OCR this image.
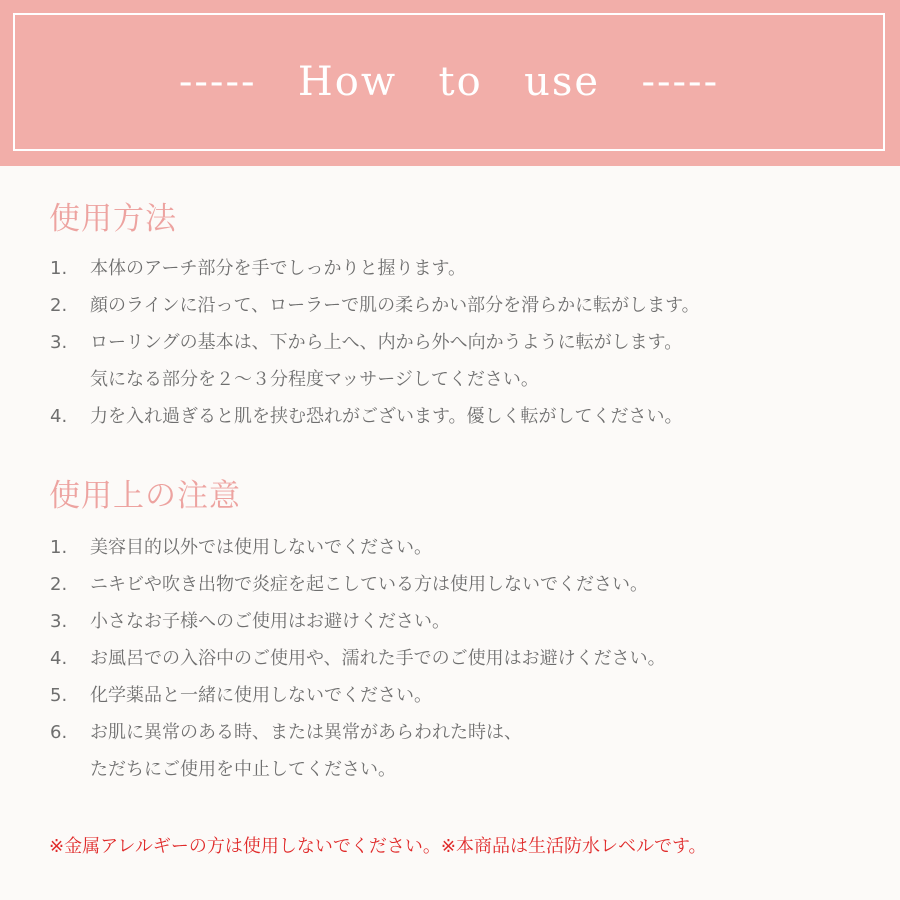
-----  How  to  use  -----
使用方法
1.	本体のアーチ部分を手でしっかりと握ります。
2.	顔のラインに沿って、ローラーで肌の柔らかい部分を滑らかに転がします。
3.	ローリングの基本は、下から上へ、内から外へ向かうように転がします。
気になる部分を２〜３分程度マッサージしてください。
4.	力を入れ過ぎると肌を挟む恐れがございます。優しく転がしてください。
使用上の注意
1.	美容目的以外では使用しないでください。
2.	ニキビや吹き出物で炎症を起こしている方は使用しないでください。
3.	小さなお子様へのご使用はお避けください。
4.	お風呂での入浴中のご使用や、濡れた手でのご使用はお避けください。
5.	化学薬品と一緒に使用しないでください。
6.	お肌に異常のある時、または異常があらわれた時は、
ただちにご使用を中止してください。

※金属アレルギーの方は使用しないでください。※本商品は生活防水レベルです。
